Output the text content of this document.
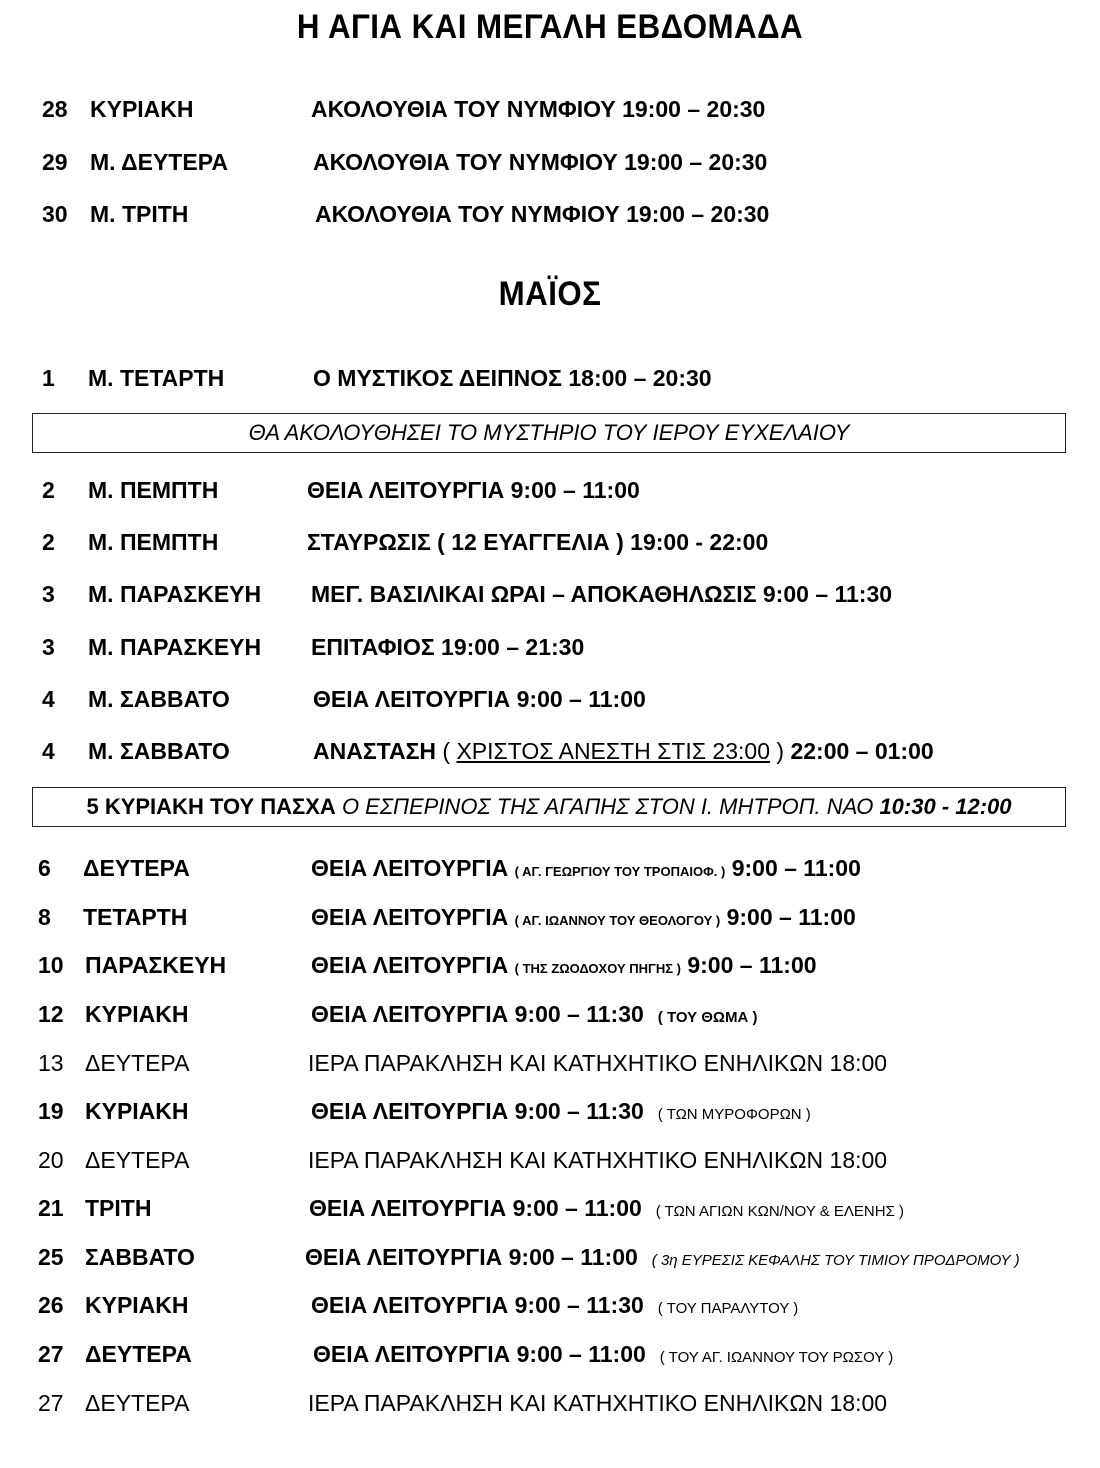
Η ΑΓΙΑ ΚΑΙ ΜΕΓΑΛΗ ΕΒΔΟΜΑΔΑ
28 ΚΥΡΙΑΚΗ	ΑΚΟΛΟΥΘΙΑ ΤΟΥ ΝΥΜΦΙΟΥ 19:00 – 20:30
29 Μ. ΔΕΥΤΕΡΑ	ΑΚΟΛΟΥΘΙΑ ΤΟΥ ΝΥΜΦΙΟΥ 19:00 – 20:30
30 Μ. ΤΡΙΤΗ	ΑΚΟΛΟΥΘΙΑ ΤΟΥ ΝΥΜΦΙΟΥ 19:00 – 20:30
ΜΑΪΟΣ
1 Μ. ΤΕΤΑΡΤΗ	Ο ΜΥΣΤΙΚΟΣ ΔΕΙΠΝΟΣ 18:00 – 20:30
ΘΑ ΑΚΟΛΟΥΘΗΣΕΙ ΤΟ ΜΥΣΤΗΡΙΟ ΤΟΥ ΙΕΡΟΥ ΕΥΧΕΛΑΙΟΥ
2 Μ. ΠΕΜΠΤΗ	ΘΕΙΑ ΛΕΙΤΟΥΡΓΙΑ 9:00 – 11:00
2 Μ. ΠΕΜΠΤΗ	ΣΤΑΥΡΩΣΙΣ ( 12 ΕΥΑΓΓΕΛΙΑ ) 19:00 - 22:00
3 Μ. ΠΑΡΑΣΚΕΥΗ ΜΕΓ. ΒΑΣΙΛΙΚΑΙ ΩΡΑΙ – ΑΠΟΚΑΘΗΛΩΣΙΣ 9:00 – 11:30
3 Μ. ΠΑΡΑΣΚΕΥΗ ΕΠΙΤΑΦΙΟΣ 19:00 – 21:30
4 Μ. ΣΑΒΒΑΤΟ	ΘΕΙΑ ΛΕΙΤΟΥΡΓΙΑ 9:00 – 11:00
4 Μ. ΣΑΒΒΑΤΟ	ΑΝΑΣΤΑΣΗ ( ΧΡΙΣΤΟΣ ΑΝΕΣΤΗ ΣΤΙΣ 23:00 ) 22:00 – 01:00
5 ΚΥΡΙΑΚΗ ΤΟΥ ΠΑΣΧΑ Ο ΕΣΠΕΡΙΝΟΣ ΤΗΣ ΑΓΑΠΗΣ ΣΤΟΝ Ι. ΜΗΤΡΟΠ. ΝΑΟ 10:30 - 12:00
6 ΔΕΥΤΕΡΑ	ΘΕΙΑ ΛΕΙΤΟΥΡΓΙΑ ( ΑΓ. ΓΕΩΡΓΙΟΥ ΤΟΥ ΤΡΟΠΑΙΟΦ. ) 9:00 – 11:00
8 ΤΕΤΑΡΤΗ	ΘΕΙΑ ΛΕΙΤΟΥΡΓΙΑ ( ΑΓ. ΙΩΑΝΝΟΥ ΤΟΥ ΘΕΟΛΟΓΟΥ ) 9:00 – 11:00
10 ΠΑΡΑΣΚΕΥΗ	ΘΕΙΑ ΛΕΙΤΟΥΡΓΙΑ ( ΤΗΣ ΖΩΟΔΟΧΟΥ ΠΗΓΗΣ ) 9:00 – 11:00
12 ΚΥΡΙΑΚΗ	ΘΕΙΑ ΛΕΙΤΟΥΡΓΙΑ 9:00 – 11:30 ( ΤΟΥ ΘΩΜΑ )
13 ΔΕΥΤΕΡΑ	ΙΕΡΑ ΠΑΡΑΚΛΗΣΗ ΚΑΙ ΚΑΤΗΧΗΤΙΚΟ ΕΝΗΛΙΚΩΝ 18:00
19 ΚΥΡΙΑΚΗ	ΘΕΙΑ ΛΕΙΤΟΥΡΓΙΑ 9:00 – 11:30 ( ΤΩΝ ΜΥΡΟΦΟΡΩΝ )
20 ΔΕΥΤΕΡΑ	ΙΕΡΑ ΠΑΡΑΚΛΗΣΗ ΚΑΙ ΚΑΤΗΧΗΤΙΚΟ ΕΝΗΛΙΚΩΝ 18:00
21 ΤΡΙΤΗ	ΘΕΙΑ ΛΕΙΤΟΥΡΓΙΑ 9:00 – 11:00 ( ΤΩΝ ΑΓΙΩΝ ΚΩΝ/ΝΟΥ & ΕΛΕΝΗΣ )
25 ΣΑΒΒΑΤΟ	ΘΕΙΑ ΛΕΙΤΟΥΡΓΙΑ 9:00 – 11:00 ( 3η ΕΥΡΕΣΙΣ ΚΕΦΑΛΗΣ ΤΟΥ ΤΙΜΙΟΥ ΠΡΟΔΡΟΜΟΥ )
26 ΚΥΡΙΑΚΗ	ΘΕΙΑ ΛΕΙΤΟΥΡΓΙΑ 9:00 – 11:30 ( ΤΟΥ ΠΑΡΑΛΥΤΟΥ )
27 ΔΕΥΤΕΡΑ	ΘΕΙΑ ΛΕΙΤΟΥΡΓΙΑ 9:00 – 11:00 ( ΤΟΥ ΑΓ. ΙΩΑΝΝΟΥ ΤΟΥ ΡΩΣΟΥ )
27 ΔΕΥΤΕΡΑ	ΙΕΡΑ ΠΑΡΑΚΛΗΣΗ ΚΑΙ ΚΑΤΗΧΗΤΙΚΟ ΕΝΗΛΙΚΩΝ 18:00
